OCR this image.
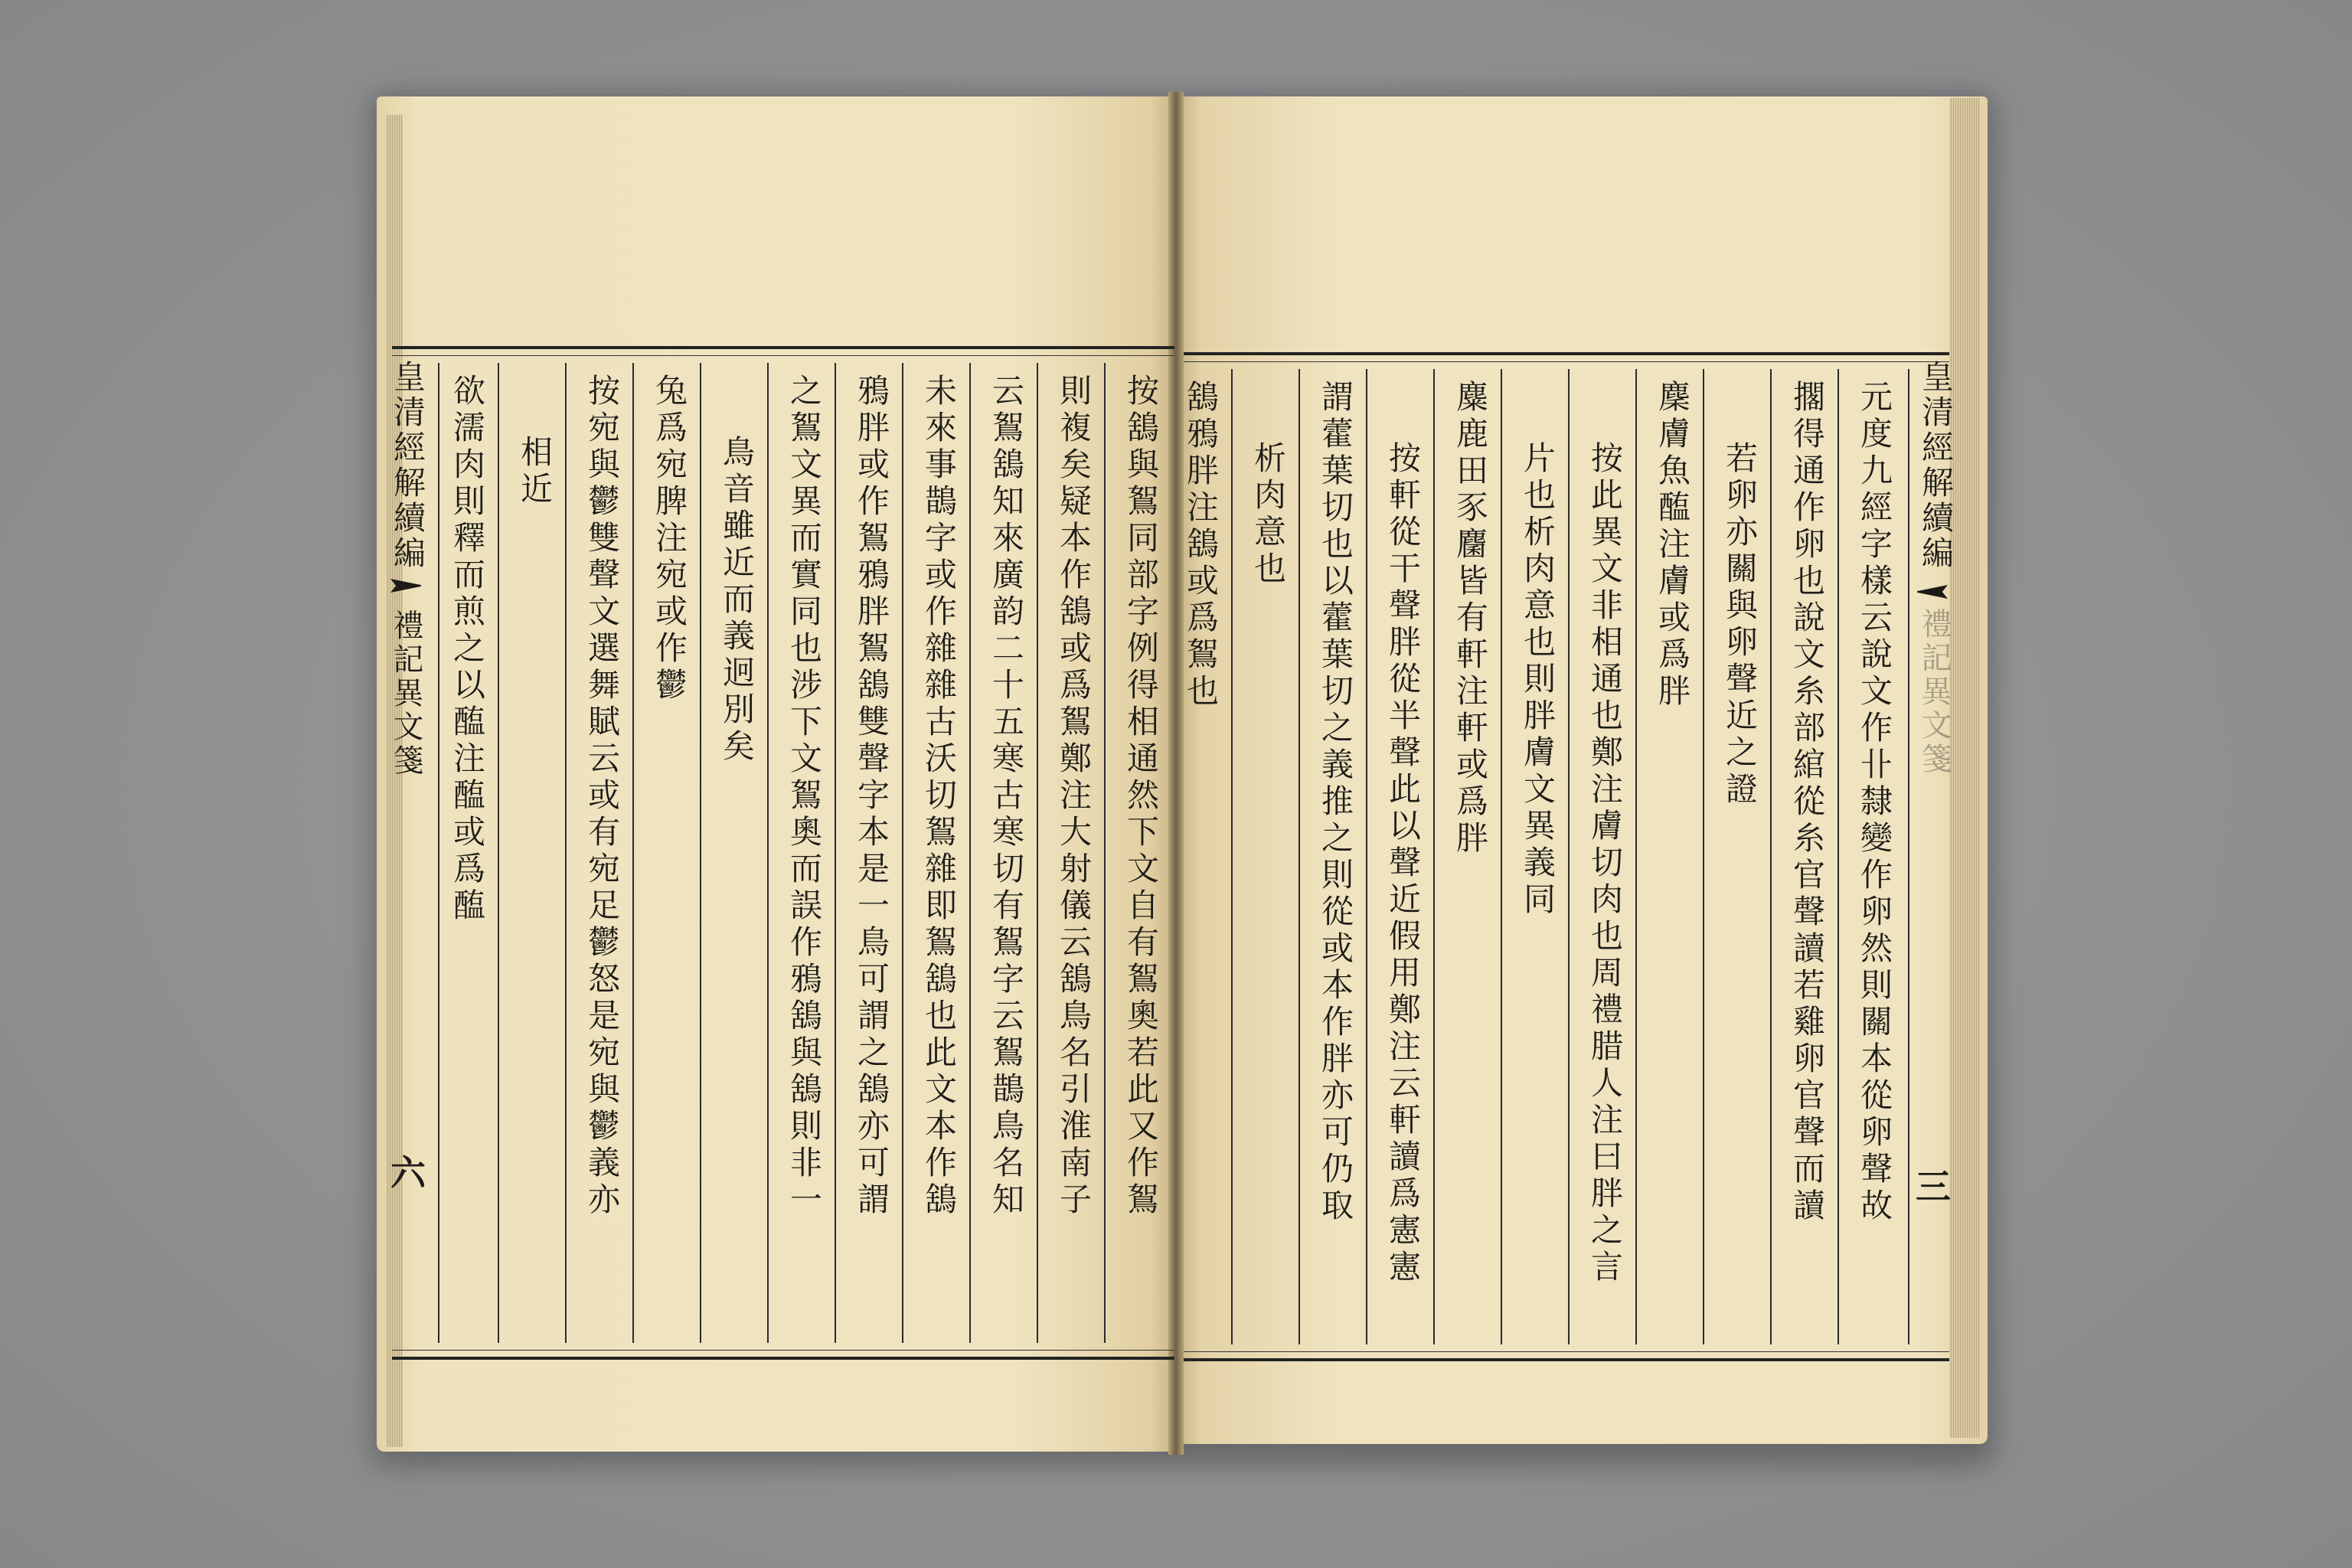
皇清經解續編
禮記異文箋
六	按鵨與鴽同部字例得相通然下文自有鴽奧若此又作鴽
則複矣疑本作鵨或爲鴽鄭注大射儀云鵨鳥名引淮南子
云鴽鵨知來廣韵二十五寒古寒切有鴽字云鴽鵲鳥名知
未來事鵲字或作雜雜古沃切鴽雜即鴽鵨也此文本作鵨
鴉胖或作鴽鴉胖鴽鵨雙聲字本是一鳥可謂之鵨亦可謂
之鴽文異而實同也涉下文鴽奧而誤作鴉鵨與鵨則非一
鳥音雖近而義迥別矣
兔爲宛脾注宛或作鬱
按宛與鬱雙聲文選舞賦云或有宛足鬱怒是宛與鬱義亦
相近
欲濡肉則釋而煎之以醢注醢或爲醢	皇清經解續編
禮記異文箋
三
元度九經字樣云說文作卝隸變作卵然則關本從卵聲故
擱得通作卵也說文糸部綰從糸官聲讀若雞卵官聲而讀
若卵亦關與卵聲近之證
麇膚魚醢注膚或爲胖
按此異文非相通也鄭注膚切肉也周禮腊人注曰胖之言
片也析肉意也則胖膚文異義同
麋鹿田豕麕皆有軒注軒或爲胖
按軒從干聲胖從半聲此以聲近假用鄭注云軒讀爲憲憲
謂藿葉切也以藿葉切之義推之則從或本作胖亦可仍取
析肉意也
鵨鴉胖注鵨或爲鴽也
